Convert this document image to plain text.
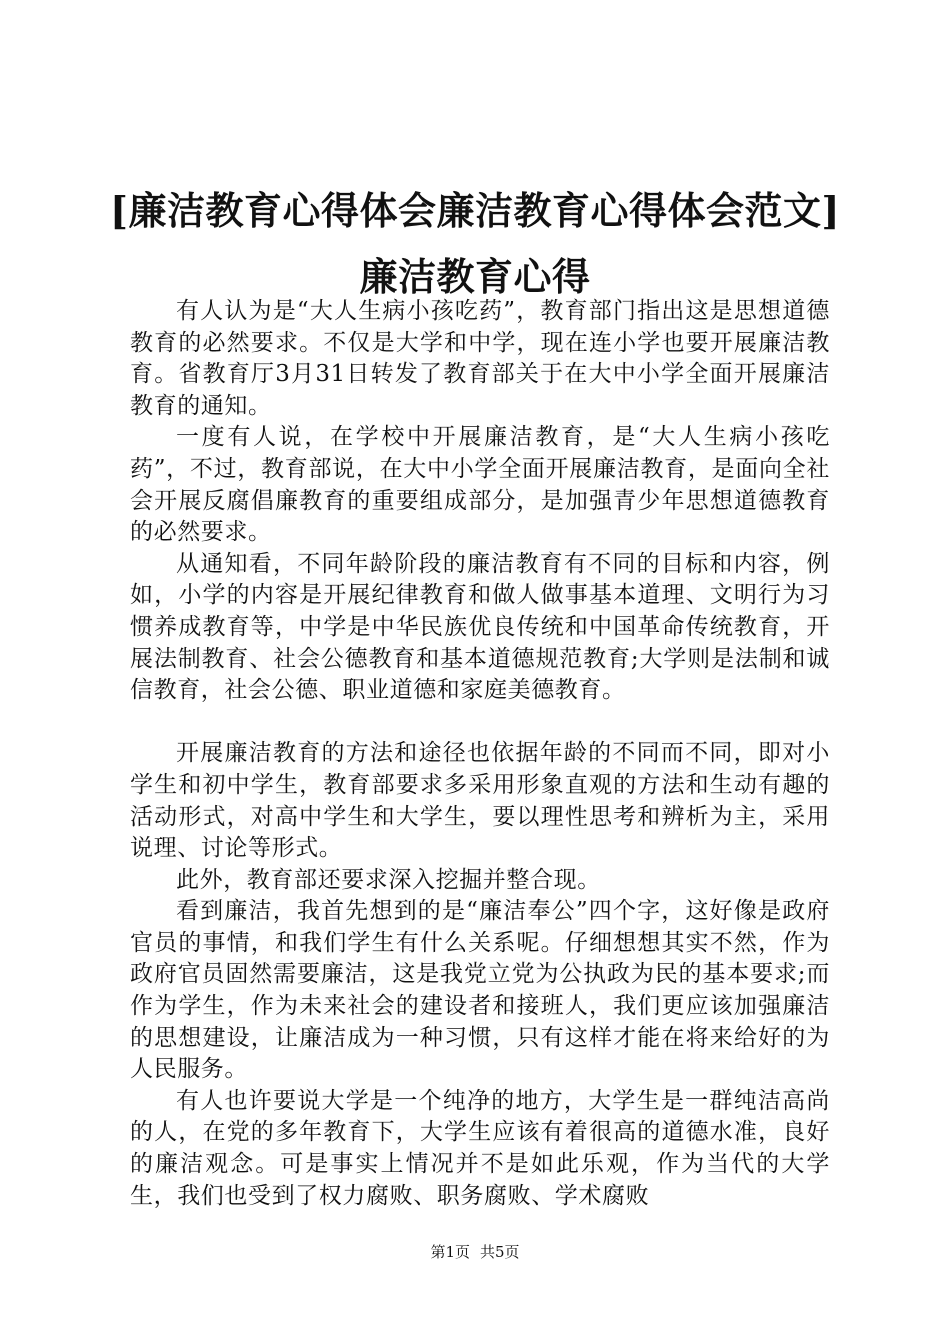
[廉洁教育心得体会廉洁教育心得体会范文]廉洁教育心得

有人认为是“大人生病小孩吃药”，教育部门指出这是思想道德教育的必然要求。不仅是大学和中学，现在连小学也要开展廉洁教育。省教育厅3月31日转发了教育部关于在大中小学全面开展廉洁教育的通知。

一度有人说，在学校中开展廉洁教育，是“大人生病小孩吃药”，不过，教育部说，在大中小学全面开展廉洁教育，是面向全社会开展反腐倡廉教育的重要组成部分，是加强青少年思想道德教育的必然要求。

从通知看，不同年龄阶段的廉洁教育有不同的目标和内容，例如，小学的内容是开展纪律教育和做人做事基本道理、文明行为习惯养成教育等，中学是中华民族优良传统和中国革命传统教育，开展法制教育、社会公德教育和基本道德规范教育;大学则是法制和诚信教育，社会公德、职业道德和家庭美德教育。

开展廉洁教育的方法和途径也依据年龄的不同而不同，即对小学生和初中学生，教育部要求多采用形象直观的方法和生动有趣的活动形式，对高中学生和大学生，要以理性思考和辨析为主，采用说理、讨论等形式。

此外，教育部还要求深入挖掘并整合现。

看到廉洁，我首先想到的是“廉洁奉公”四个字，这好像是政府官员的事情，和我们学生有什么关系呢。仔细想想其实不然，作为政府官员固然需要廉洁，这是我党立党为公执政为民的基本要求;而作为学生，作为未来社会的建设者和接班人，我们更应该加强廉洁的思想建设，让廉洁成为一种习惯，只有这样才能在将来给好的为人民服务。

有人也许要说大学是一个纯净的地方，大学生是一群纯洁高尚的人，在党的多年教育下，大学生应该有着很高的道德水准，良好的廉洁观念。可是事实上情况并不是如此乐观，作为当代的大学生，我们也受到了权力腐败、职务腐败、学术腐败

第1页 共5页
